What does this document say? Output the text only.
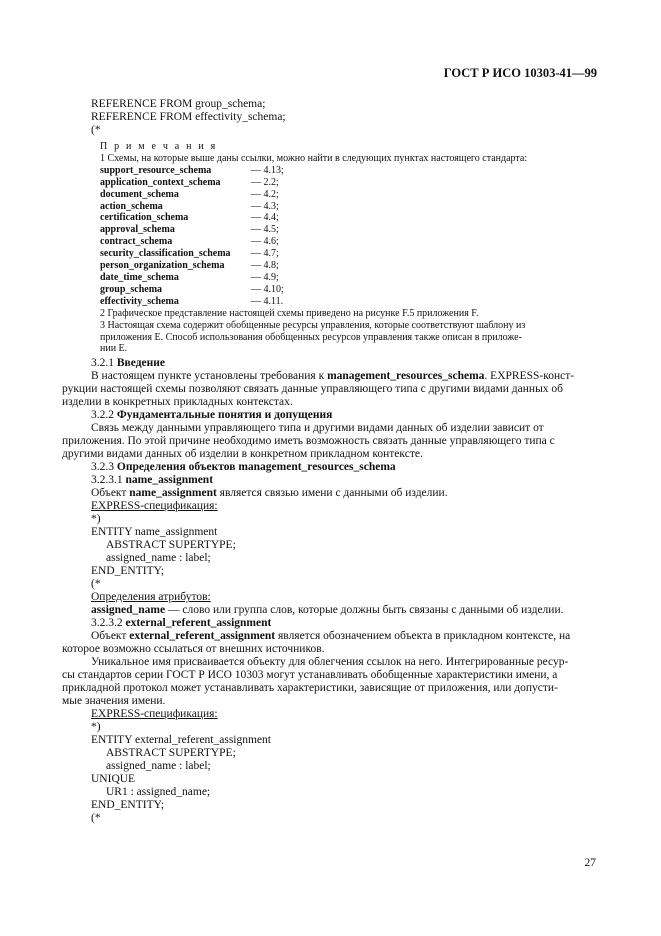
ГОСТ Р ИСО 10303-41—99
REFERENCE FROM group_schema;
REFERENCE FROM effectivity_schema;
(*
П р и м е ч а н и я
1 Схемы, на которые выше даны ссылки, можно найти в следующих пунктах настоящего стандарта:
support_resource_schema	— 4.13;
application_context_schema	— 2.2;
document_schema	— 4.2;
action_schema	— 4.3;
certification_schema	— 4.4;
approval_schema	— 4.5;
contract_schema	— 4.6;
security_classification_schema	— 4.7;
person_organization_schema	— 4.8;
date_time_schema	— 4.9;
group_schema	— 4.10;
effectivity_schema	— 4.11.
2 Графическое представление настоящей схемы приведено на рисунке F.5 приложения F.
3 Настоящая схема содержит обобщенные ресурсы управления, которые соответствуют шаблону из
приложения E. Способ использования обобщенных ресурсов управления также описан в приложе-
нии E.
3.2.1 Введение
В настоящем пункте установлены требования к management_resources_schema. EXPRESS-конст-
рукции настоящей схемы позволяют связать данные управляющего типа с другими видами данных об
изделии в конкретных прикладных контекстах.
3.2.2 Фундаментальные понятия и допущения
Связь между данными управляющего типа и другими видами данных об изделии зависит от
приложения. По этой причине необходимо иметь возможность связать данные управляющего типа с
другими видами данных об изделии в конкретном прикладном контексте.
3.2.3 Определения объектов management_resources_schema
3.2.3.1 name_assignment
Объект name_assignment является связью имени с данными об изделии.
EXPRESS-спецификация:
*)
ENTITY name_assignment
ABSTRACT SUPERTYPE;
assigned_name : label;
END_ENTITY;
(*
Определения атрибутов:
assigned_name — слово или группа слов, которые должны быть связаны с данными об изделии.
3.2.3.2 external_referent_assignment
Объект external_referent_assignment является обозначением объекта в прикладном контексте, на
которое возможно ссылаться от внешних источников.
Уникальное имя присваивается объекту для облегчения ссылок на него. Интегрированные ресур-
сы стандартов серии ГОСТ Р ИСО 10303 могут устанавливать обобщенные характеристики имени, а
прикладной протокол может устанавливать характеристики, зависящие от приложения, или допусти-
мые значения имени.
EXPRESS-спецификация:
*)
ENTITY external_referent_assignment
ABSTRACT SUPERTYPE;
assigned_name : label;
UNIQUE
UR1 : assigned_name;
END_ENTITY;
(*
27
